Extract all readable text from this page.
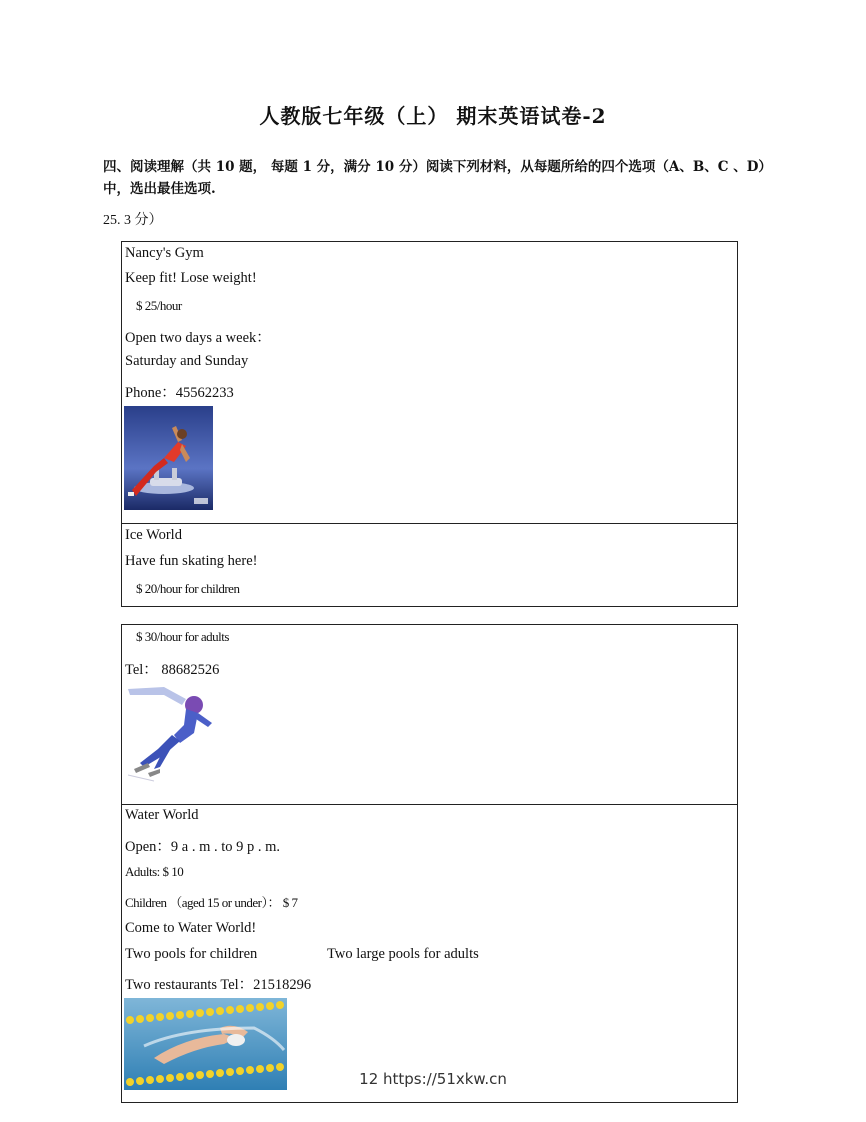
人教版七年级（上） 期末英语试卷-2
四、阅读理解（共 10 题， 每题 1 分，满分 10 分）阅读下列材料，从每题所给的四个选项（A、B、C 、D）中，选出最佳选项.
25. 3 分）
Nancy's Gym
Keep fit! Lose weight!
$ 25/hour
Open two days a week：
Saturday and Sunday
Phone：45562233
Ice World
Have fun skating here!
$ 20/hour for children
$ 30/hour for adults
Tel： 88682526
Water World
Open：9 a . m . to 9 p . m.
Adults: $ 10
Children （aged 15 or under）： $ 7
Come to Water World!
Two pools for children	Two large pools for adults
Two restaurants Tel：21518296
12 https://51xkw.cn
